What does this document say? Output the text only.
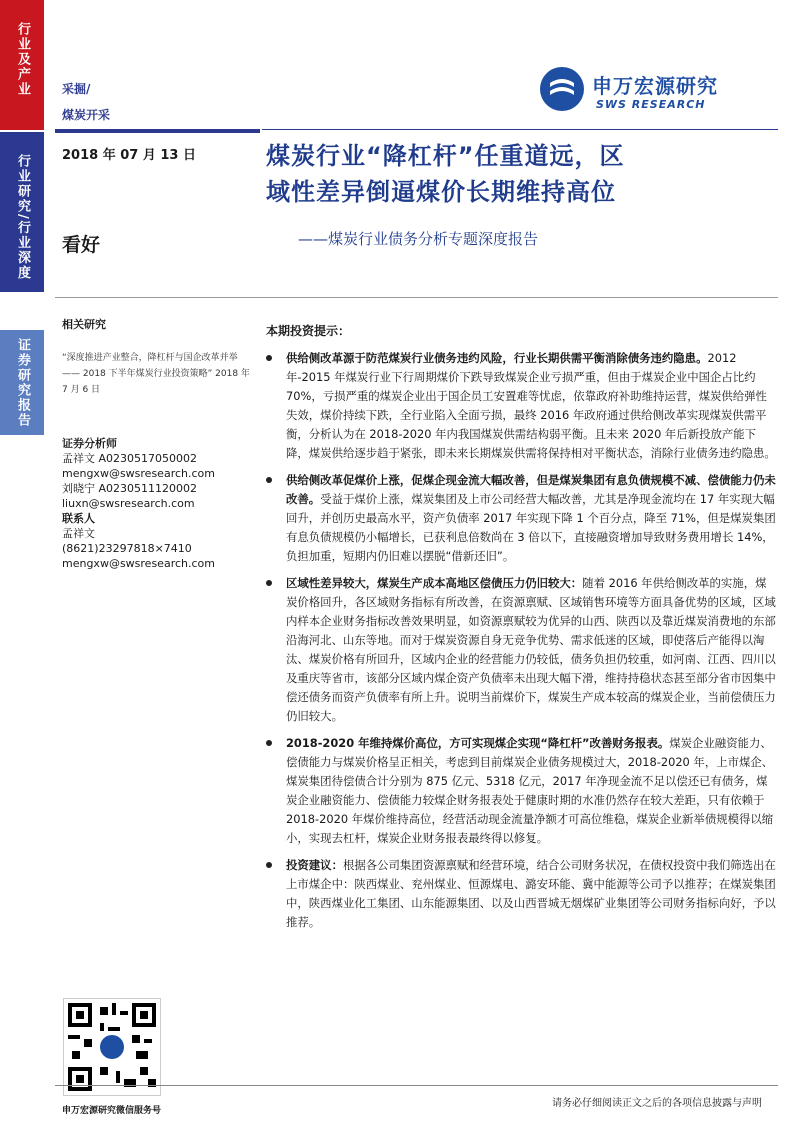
行业及产业
行业研究/行业深度
证券研究报告
采掘/
煤炭开采
申万宏源研究
SWS RESEARCH
2018 年 07 月 13 日	煤炭行业“降杠杆”任重道远，区
域性差异倒逼煤价长期维持高位
——煤炭行业债务分析专题深度报告
看好
相关研究
“深度推进产业整合，降杠杆与国企改革并举—— 2018 下半年煤炭行业投资策略” 2018 年 7 月 6 日
证券分析师
孟祥文 A0230517050002
mengxw@swsresearch.com
刘晓宁 A0230511120002
liuxn@swsresearch.com
联系人
孟祥文
(8621)23297818×7410
mengxw@swsresearch.com
本期投资提示：
供给侧改革源于防范煤炭行业债务违约风险，行业长期供需平衡消除债务违约隐患。2012 年-2015 年煤炭行业下行周期煤价下跌导致煤炭企业亏损严重，但由于煤炭企业中国企占比约 70%，亏损严重的煤炭企业出于国企员工安置难等忧虑，依靠政府补助维持运营，煤炭供给弹性失效，煤价持续下跌，全行业陷入全面亏损，最终 2016 年政府通过供给侧改革实现煤炭供需平衡，分析认为在 2018-2020 年内我国煤炭供需结构弱平衡。且未来 2020 年后新投放产能下降，煤炭供给逐步趋于紧张，即未来长期煤炭供需将保持相对平衡状态，消除行业债务违约隐患。
供给侧改革促煤价上涨，促煤企现金流大幅改善，但是煤炭集团有息负债规模不减、偿债能力仍未改善。受益于煤价上涨，煤炭集团及上市公司经营大幅改善，尤其是净现金流均在 17 年实现大幅回升，并创历史最高水平，资产负债率 2017 年实现下降 1 个百分点，降至 71%，但是煤炭集团有息负债规模仍小幅增长，已获利息倍数尚在 3 倍以下，直接融资增加导致财务费用增长 14%，负担加重，短期内仍旧难以摆脱“借新还旧”。
区域性差异较大，煤炭生产成本高地区偿债压力仍旧较大：随着 2016 年供给侧改革的实施，煤炭价格回升，各区域财务指标有所改善，在资源禀赋、区域销售环境等方面具备优势的区域，区域内样本企业财务指标改善效果明显，如资源禀赋较为优异的山西、陕西以及靠近煤炭消费地的东部沿海河北、山东等地。而对于煤炭资源自身无竞争优势、需求低迷的区域，即使落后产能得以淘汰、煤炭价格有所回升，区域内企业的经营能力仍较低，债务负担仍较重，如河南、江西、四川以及重庆等省市，该部分区域内煤企资产负债率未出现大幅下滑，维持持稳状态甚至部分省市因集中偿还债务而资产负债率有所上升。说明当前煤价下，煤炭生产成本较高的煤炭企业，当前偿债压力仍旧较大。
2018-2020 年维持煤价高位，方可实现煤企实现“降杠杆”改善财务报表。煤炭企业融资能力、偿债能力与煤炭价格呈正相关，考虑到目前煤炭企业债务规模过大，2018-2020 年，上市煤企、煤炭集团待偿债合计分别为 875 亿元、5318 亿元，2017 年净现金流不足以偿还已有债务，煤炭企业融资能力、偿债能力较煤企财务报表处于健康时期的水准仍然存在较大差距，只有依赖于 2018-2020 年煤价维持高位，经营活动现金流量净额才可高位维稳，煤炭企业新举债规模得以缩小，实现去杠杆，煤炭企业财务报表最终得以修复。
投资建议：根据各公司集团资源禀赋和经营环境，结合公司财务状况，在债权投资中我们筛选出在上市煤企中：陕西煤业、兖州煤业、恒源煤电、潞安环能、冀中能源等公司予以推荐；在煤炭集团中，陕西煤业化工集团、山东能源集团、以及山西晋城无烟煤矿业集团等公司财务指标向好，予以推荐。
申万宏源研究微信服务号
请务必仔细阅读正文之后的各项信息披露与声明
